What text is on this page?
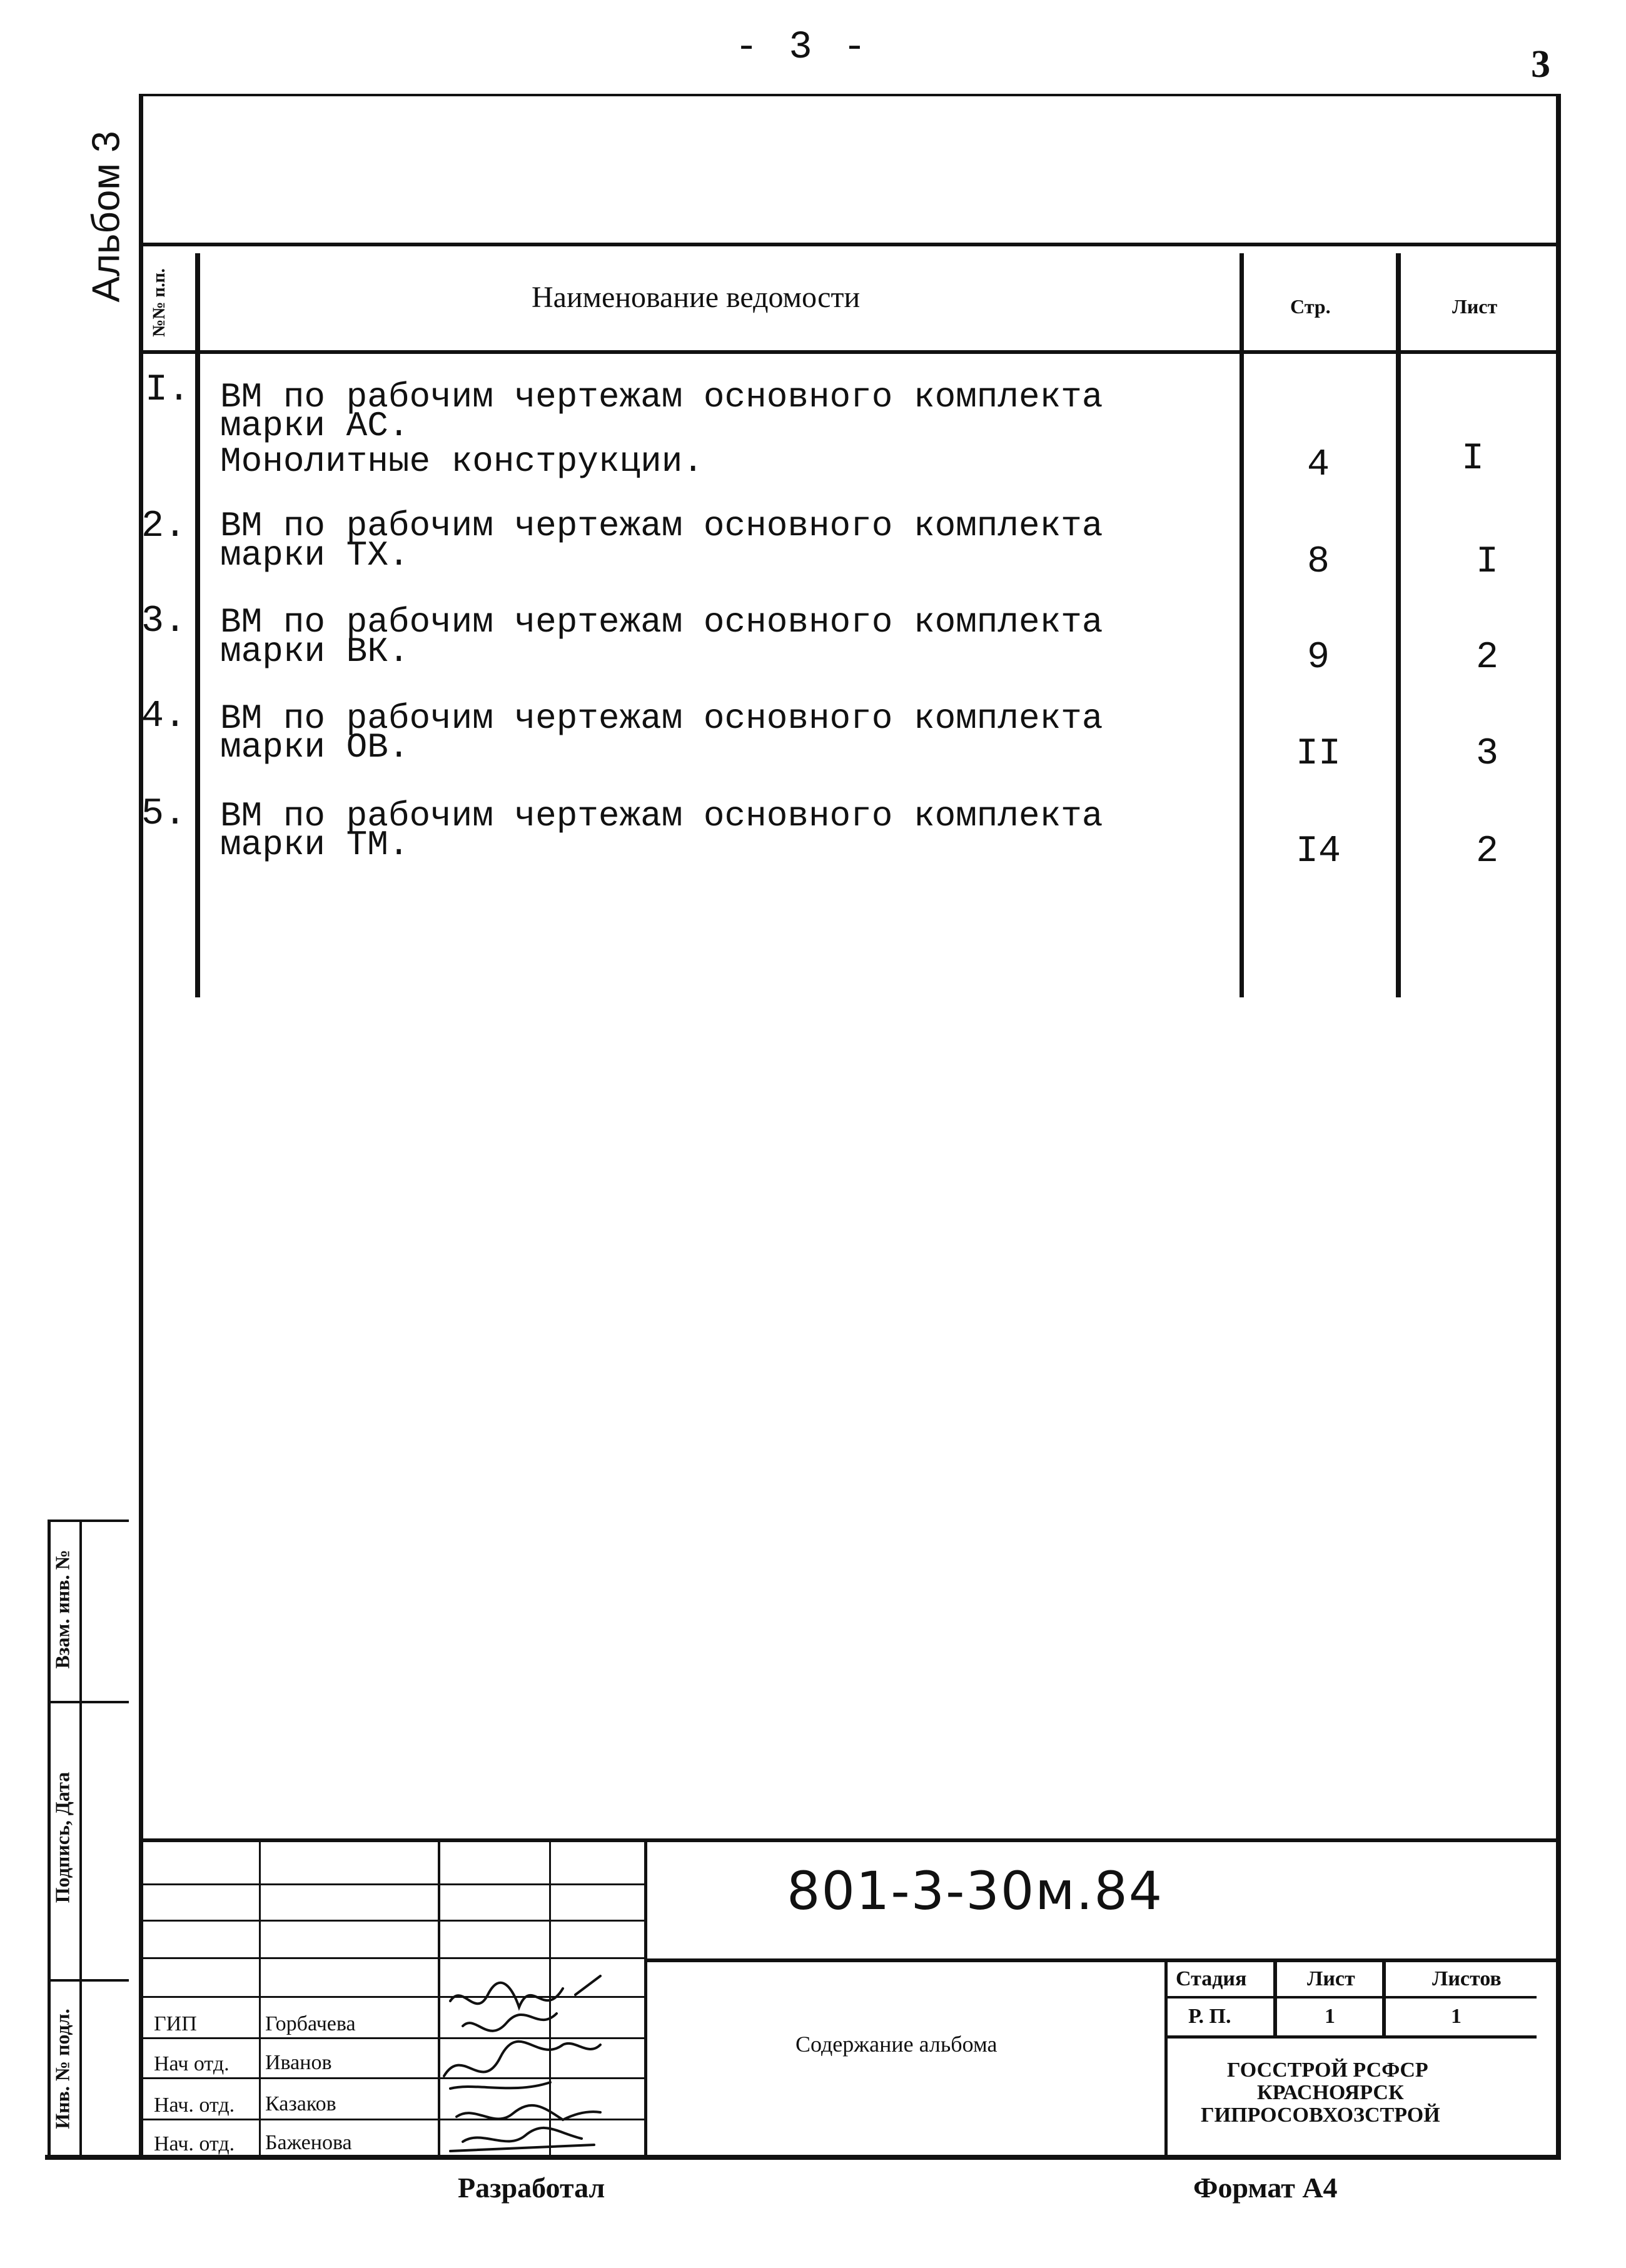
- 3 -	3
Альбом 3
Взам. инв. №
Подпись, Дата
Инв. № подл.
№№ п.п.	Наименование ведомости	Стр.	Лист
I. ВМ по рабочим чертежам основного комплекта
марки АС.
Монолитные конструкции.	4	I
2. ВМ по рабочим чертежам основного комплекта
марки ТХ.	8	I
3. ВМ по рабочим чертежам основного комплекта
марки ВК.	9	2
4. ВМ по рабочим чертежам основного комплекта
марки ОВ.	II	3
5. ВМ по рабочим чертежам основного комплекта
марки ТМ.	I4	2
801-3-30м.84
Содержание альбома
ГИП	Горбачева
Нач отд. Иванов
Нач. отд. Казаков
Нач. отд. Баженова
Стадия	Лист	Листов
Р. П.	1	1
ГОССТРОЙ РСФСР
КРАСНОЯРСК
ГИПРОСОВХОЗСТРОЙ
Разработал	Формат А4
